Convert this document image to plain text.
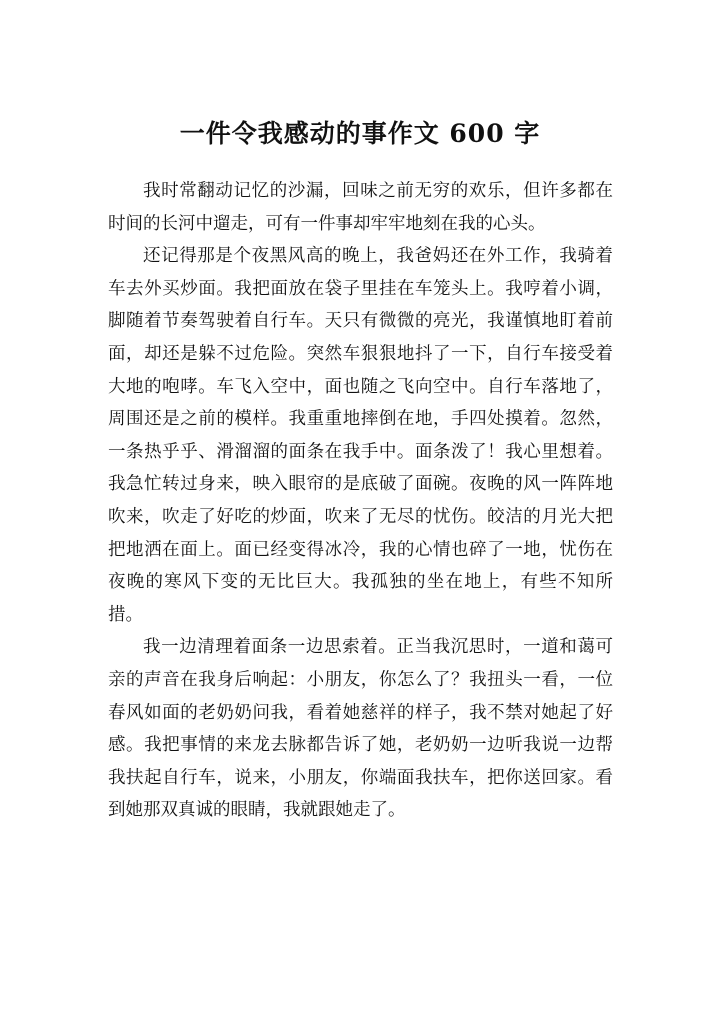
一件令我感动的事作文 600 字

我时常翻动记忆的沙漏，回味之前无穷的欢乐，但许多都在时间的长河中遛走，可有一件事却牢牢地刻在我的心头。

还记得那是个夜黑风高的晚上，我爸妈还在外工作，我骑着车去外买炒面。我把面放在袋子里挂在车笼头上。我哼着小调，脚随着节奏驾驶着自行车。天只有微微的亮光，我谨慎地盯着前面，却还是躲不过危险。突然车狠狠地抖了一下，自行车接受着大地的咆哮。车飞入空中，面也随之飞向空中。自行车落地了，周围还是之前的模样。我重重地摔倒在地，手四处摸着。忽然，一条热乎乎、滑溜溜的面条在我手中。面条泼了！我心里想着。我急忙转过身来，映入眼帘的是底破了面碗。夜晚的风一阵阵地吹来，吹走了好吃的炒面，吹来了无尽的忧伤。皎洁的月光大把把地洒在面上。面已经变得冰冷，我的心情也碎了一地，忧伤在夜晚的寒风下变的无比巨大。我孤独的坐在地上，有些不知所措。

我一边清理着面条一边思索着。正当我沉思时，一道和蔼可亲的声音在我身后响起：小朋友，你怎么了？我扭头一看，一位春风如面的老奶奶问我，看着她慈祥的样子，我不禁对她起了好感。我把事情的来龙去脉都告诉了她，老奶奶一边听我说一边帮我扶起自行车，说来，小朋友，你端面我扶车，把你送回家。看到她那双真诚的眼睛，我就跟她走了。
